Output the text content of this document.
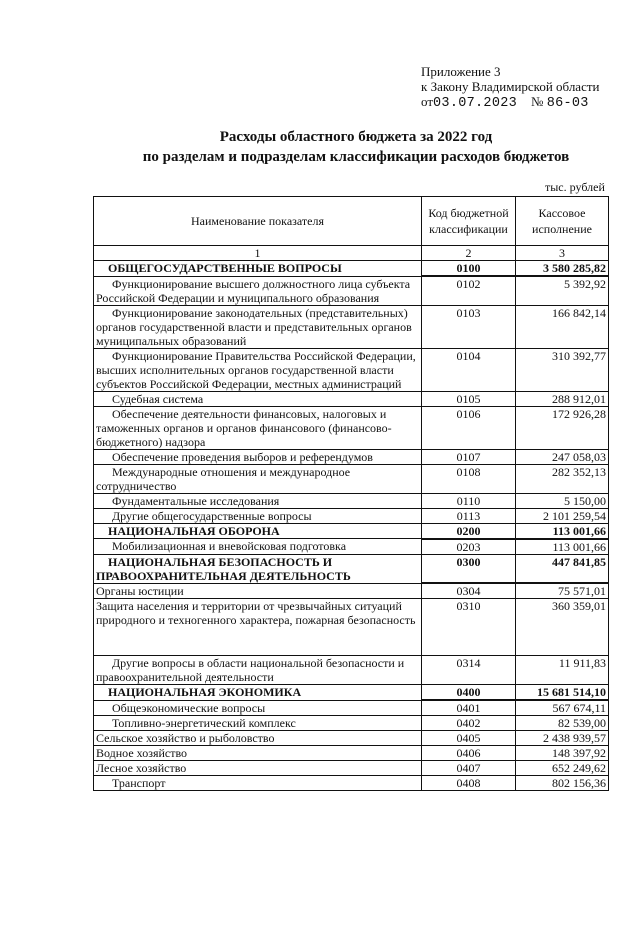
Приложение 3
к Закону Владимирской области
от03.07.2023 № 86-03
Расходы областного бюджета за 2022 год
по разделам и подразделам классификации расходов бюджетов
тыс. рублей
Наименование показателя	Код бюджетной классификации	Кассовое исполнение
1	2	3
ОБЩЕГОСУДАРСТВЕННЫЕ ВОПРОСЫ	0100	3 580 285,82
Функционирование высшего должностного лица субъекта Российской Федерации и муниципального образования	0102	5 392,92
Функционирование законодательных (представительных) органов государственной власти и представительных органов муниципальных образований	0103	166 842,14
Функционирование Правительства Российской Федерации, высших исполнительных органов государственной власти субъектов Российской Федерации, местных администраций	0104	310 392,77
Судебная система	0105	288 912,01
Обеспечение деятельности финансовых, налоговых и таможенных органов и органов финансового (финансово-бюджетного) надзора	0106	172 926,28
Обеспечение проведения выборов и референдумов	0107	247 058,03
Международные отношения и международное сотрудничество	0108	282 352,13
Фундаментальные исследования	0110	5 150,00
Другие общегосударственные вопросы	0113	2 101 259,54
НАЦИОНАЛЬНАЯ ОБОРОНА	0200	113 001,66
Мобилизационная и вневойсковая подготовка	0203	113 001,66
НАЦИОНАЛЬНАЯ БЕЗОПАСНОСТЬ И ПРАВООХРАНИТЕЛЬНАЯ ДЕЯТЕЛЬНОСТЬ	0300	447 841,85
Органы юстиции	0304	75 571,01
Защита населения и территории от чрезвычайных ситуаций природного и техногенного характера, пожарная безопасность	0310	360 359,01
Другие вопросы в области национальной безопасности и правоохранительной деятельности	0314	11 911,83
НАЦИОНАЛЬНАЯ ЭКОНОМИКА	0400	15 681 514,10
Общеэкономические вопросы	0401	567 674,11
Топливно-энергетический комплекс	0402	82 539,00
Сельское хозяйство и рыболовство	0405	2 438 939,57
Водное хозяйство	0406	148 397,92
Лесное хозяйство	0407	652 249,62
Транспорт	0408	802 156,36
